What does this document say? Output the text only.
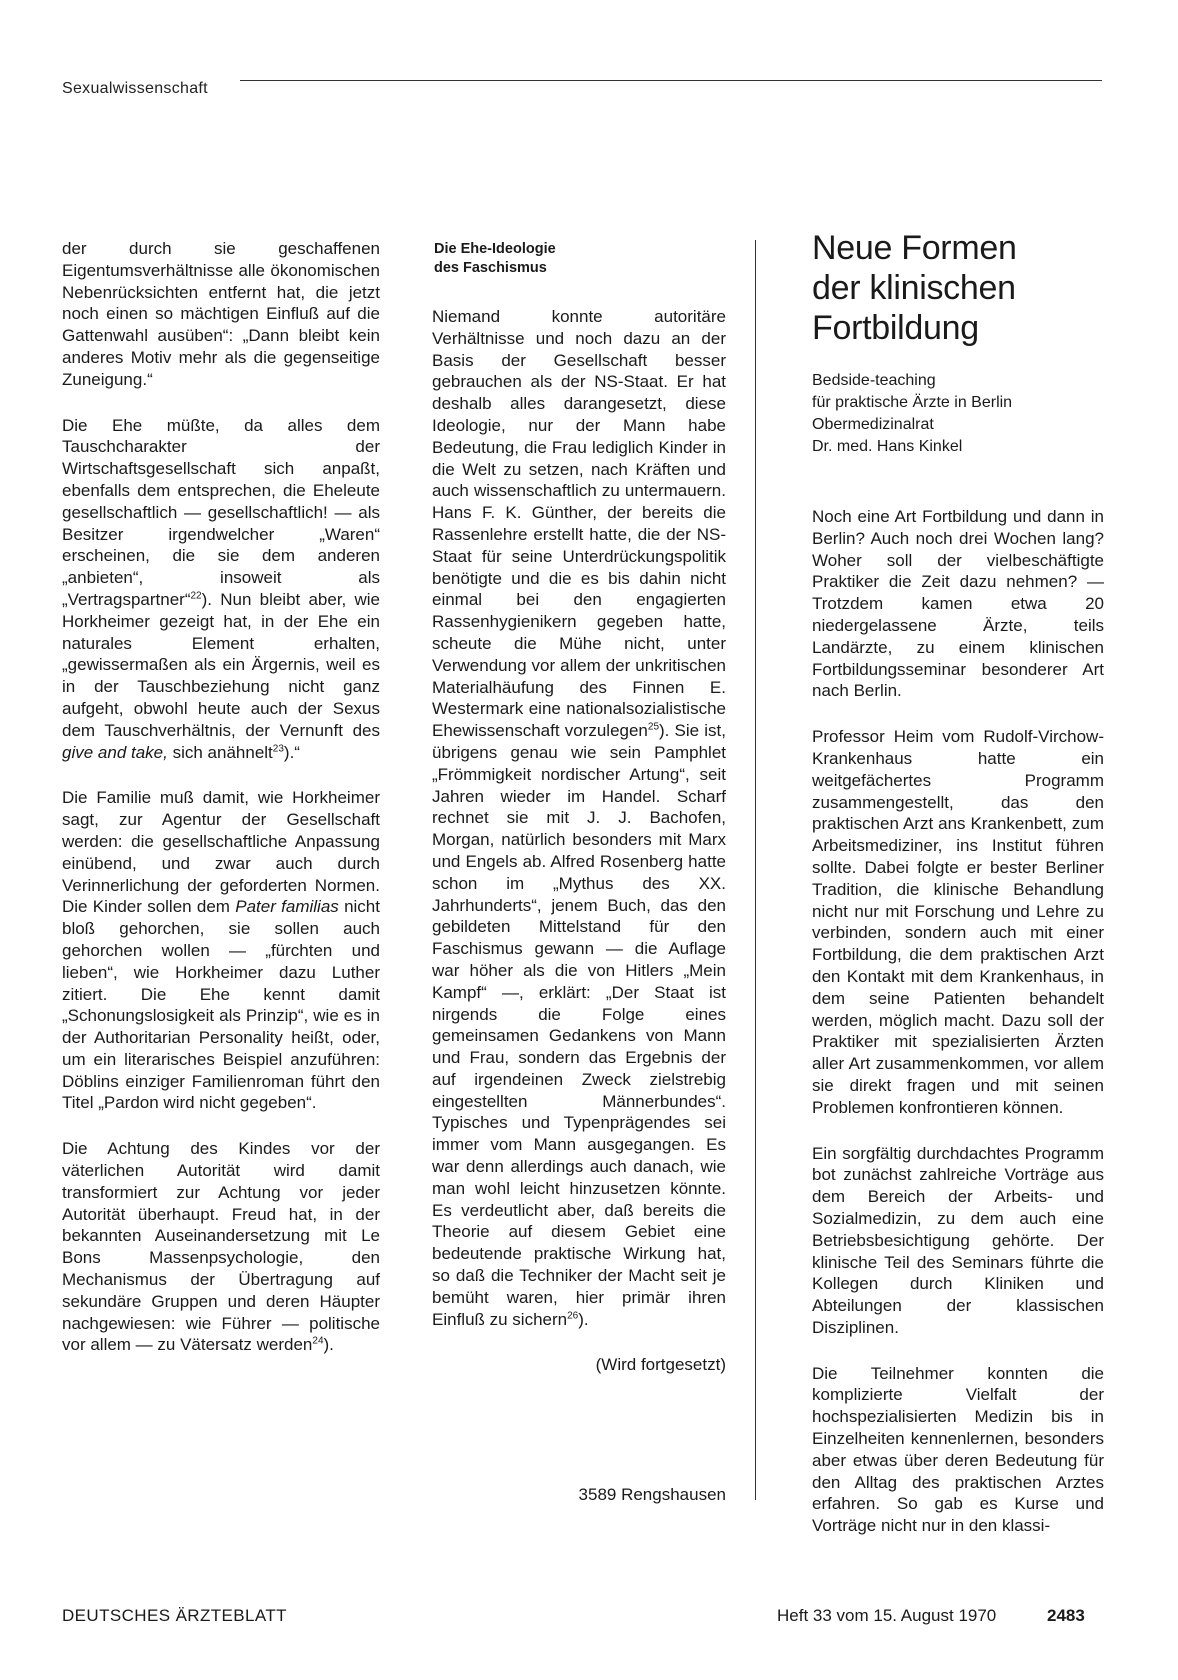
Sexualwissenschaft

der durch sie geschaffenen Eigentumsverhältnisse alle ökonomischen Nebenrücksichten entfernt hat, die jetzt noch einen so mächtigen Einfluß auf die Gattenwahl ausüben“: „Dann bleibt kein anderes Motiv mehr als die gegenseitige Zuneigung.“

Die Ehe müßte, da alles dem Tauschcharakter der Wirtschaftsgesellschaft sich anpaßt, ebenfalls dem entsprechen, die Eheleute gesellschaftlich — gesellschaftlich! — als Besitzer irgendwelcher „Waren“ erscheinen, die sie dem anderen „anbieten“, insoweit als „Vertragspartner“$^{22}$). Nun bleibt aber, wie Horkheimer gezeigt hat, in der Ehe ein naturales Element erhalten, „gewissermaßen als ein Ärgernis, weil es in der Tauschbeziehung nicht ganz aufgeht, obwohl heute auch der Sexus dem Tauschverhältnis, der Vernunft des give and take, sich anähnelt$^{23}$).“

Die Familie muß damit, wie Horkheimer sagt, zur Agentur der Gesellschaft werden: die gesellschaftliche Anpassung einübend, und zwar auch durch Verinnerlichung der geforderten Normen. Die Kinder sollen dem Pater familias nicht bloß gehorchen, sie sollen auch gehorchen wollen — „fürchten und lieben“, wie Horkheimer dazu Luther zitiert. Die Ehe kennt damit „Schonungslosigkeit als Prinzip“, wie es in der Authoritarian Personality heißt, oder, um ein literarisches Beispiel anzuführen: Döblins einziger Familienroman führt den Titel „Pardon wird nicht gegeben“.

Die Achtung des Kindes vor der väterlichen Autorität wird damit transformiert zur Achtung vor jeder Autorität überhaupt. Freud hat, in der bekannten Auseinandersetzung mit Le Bons Massenpsychologie, den Mechanismus der Übertragung auf sekundäre Gruppen und deren Häupter nachgewiesen: wie Führer — politische vor allem — zu Vätersatz werden$^{24}$).

Die Ehe-Ideologie
des Faschismus

Niemand konnte autoritäre Verhältnisse und noch dazu an der Basis der Gesellschaft besser gebrauchen als der NS-Staat. Er hat deshalb alles darangesetzt, diese Ideologie, nur der Mann habe Bedeutung, die Frau lediglich Kinder in die Welt zu setzen, nach Kräften und auch wissenschaftlich zu untermauern. Hans F. K. Günther, der bereits die Rassenlehre erstellt hatte, die der NS-Staat für seine Unterdrückungspolitik benötigte und die es bis dahin nicht einmal bei den engagierten Rassenhygienikern gegeben hatte, scheute die Mühe nicht, unter Verwendung vor allem der unkritischen Materialhäufung des Finnen E. Westermark eine nationalsozialistische Ehewissenschaft vorzulegen$^{25}$). Sie ist, übrigens genau wie sein Pamphlet „Frömmigkeit nordischer Artung“, seit Jahren wieder im Handel. Scharf rechnet sie mit J. J. Bachofen, Morgan, natürlich besonders mit Marx und Engels ab. Alfred Rosenberg hatte schon im „Mythus des XX. Jahrhunderts“, jenem Buch, das den gebildeten Mittelstand für den Faschismus gewann — die Auflage war höher als die von Hitlers „Mein Kampf“ —, erklärt: „Der Staat ist nirgends die Folge eines gemeinsamen Gedankens von Mann und Frau, sondern das Ergebnis der auf irgendeinen Zweck zielstrebig eingestellten Männerbundes“. Typisches und Typenprägendes sei immer vom Mann ausgegangen. Es war denn allerdings auch danach, wie man wohl leicht hinzusetzen könnte. Es verdeutlicht aber, daß bereits die Theorie auf diesem Gebiet eine bedeutende praktische Wirkung hat, so daß die Techniker der Macht seit je bemüht waren, hier primär ihren Einfluß zu sichern$^{26}$).

(Wird fortgesetzt)
3589 Rengshausen
Neue Formen
der klinischen
Fortbildung
Bedside-teaching
für praktische Ärzte in Berlin
Obermedizinalrat
Dr. med. Hans Kinkel

Noch eine Art Fortbildung und dann in Berlin? Auch noch drei Wochen lang? Woher soll der vielbeschäftigte Praktiker die Zeit dazu nehmen? — Trotzdem kamen etwa 20 niedergelassene Ärzte, teils Landärzte, zu einem klinischen Fortbildungsseminar besonderer Art nach Berlin.

Professor Heim vom Rudolf-Virchow-Krankenhaus hatte ein weitgefächertes Programm zusammengestellt, das den praktischen Arzt ans Krankenbett, zum Arbeitsmediziner, ins Institut führen sollte. Dabei folgte er bester Berliner Tradition, die klinische Behandlung nicht nur mit Forschung und Lehre zu verbinden, sondern auch mit einer Fortbildung, die dem praktischen Arzt den Kontakt mit dem Krankenhaus, in dem seine Patienten behandelt werden, möglich macht. Dazu soll der Praktiker mit spezialisierten Ärzten aller Art zusammenkommen, vor allem sie direkt fragen und mit seinen Problemen konfrontieren können.

Ein sorgfältig durchdachtes Programm bot zunächst zahlreiche Vorträge aus dem Bereich der Arbeits- und Sozialmedizin, zu dem auch eine Betriebsbesichtigung gehörte. Der klinische Teil des Seminars führte die Kollegen durch Kliniken und Abteilungen der klassischen Disziplinen.

Die Teilnehmer konnten die komplizierte Vielfalt der hochspezialisierten Medizin bis in Einzelheiten kennenlernen, besonders aber etwas über deren Bedeutung für den Alltag des praktischen Arztes erfahren. So gab es Kurse und Vorträge nicht nur in den klassi-

DEUTSCHES ÄRZTEBLATT	Heft 33 vom 15. August 1970	2483
